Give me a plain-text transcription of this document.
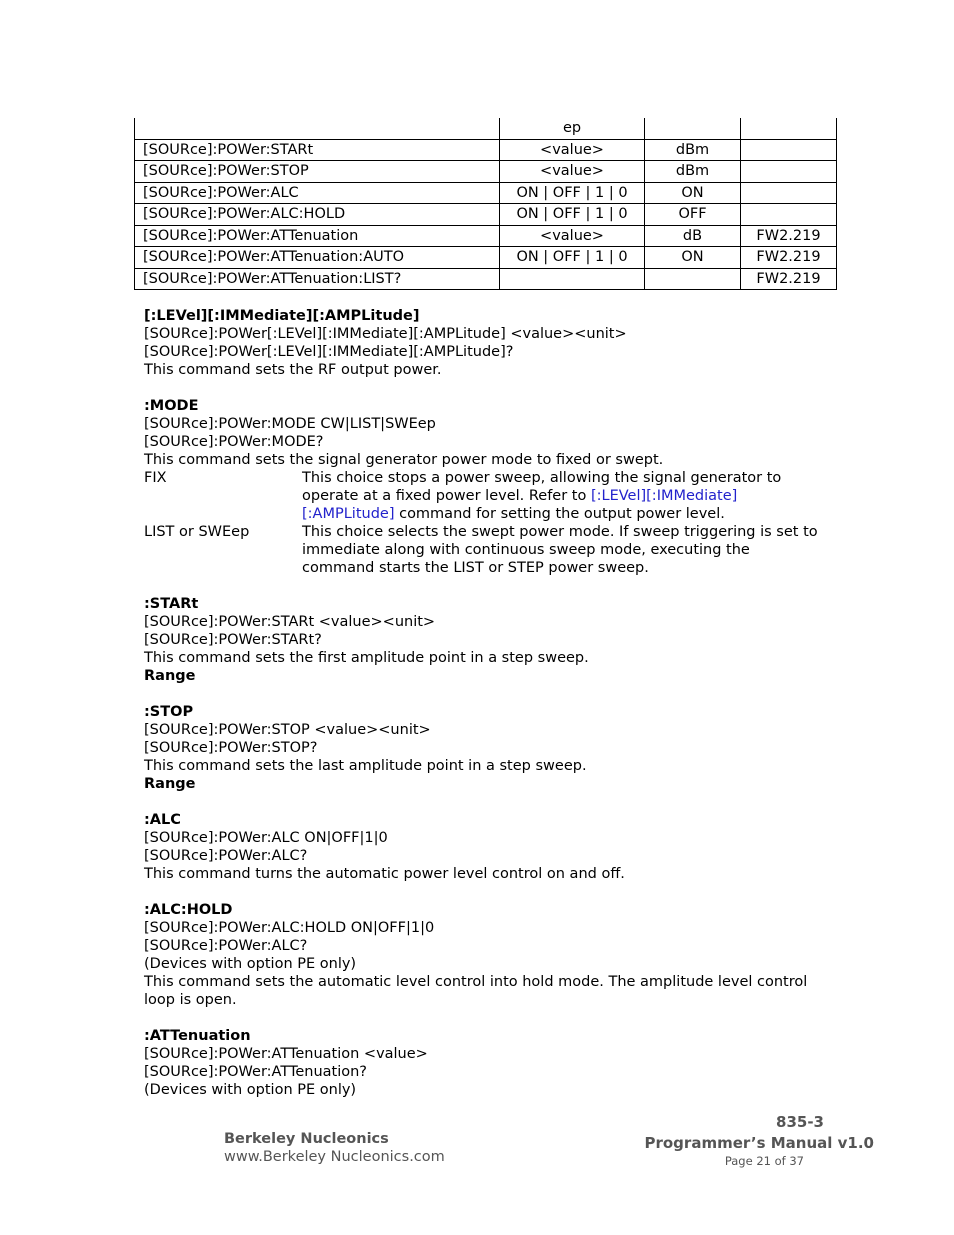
	ep		
[SOURce]:POWer:STARt	<value>	dBm	
[SOURce]:POWer:STOP	<value>	dBm	
[SOURce]:POWer:ALC	ON | OFF | 1 | 0	ON	
[SOURce]:POWer:ALC:HOLD	ON | OFF | 1 | 0	OFF	
[SOURce]:POWer:ATTenuation	<value>	dB	FW2.219
[SOURce]:POWer:ATTenuation:AUTO	ON | OFF | 1 | 0	ON	FW2.219
[SOURce]:POWer:ATTenuation:LIST?			FW2.219

[:LEVel][:IMMediate][:AMPLitude]

[SOURce]:POWer[:LEVel][:IMMediate][:AMPLitude] <value><unit>

[SOURce]:POWer[:LEVel][:IMMediate][:AMPLitude]?

This command sets the RF output power.

:MODE

[SOURce]:POWer:MODE CW|LIST|SWEep

[SOURce]:POWer:MODE?

This command sets the signal generator power mode to fixed or swept.

FIX	This choice stops a power sweep, allowing the signal generator to operate at a fixed power level. Refer to [:LEVel][:IMMediate][:AMPLitude] command for setting the output power level.
LIST or SWEep	This choice selects the swept power mode. If sweep triggering is set to immediate along with continuous sweep mode, executing the command starts the LIST or STEP power sweep.

:STARt

[SOURce]:POWer:STARt <value><unit>

[SOURce]:POWer:STARt?

This command sets the first amplitude point in a step sweep.

Range

:STOP

[SOURce]:POWer:STOP <value><unit>

[SOURce]:POWer:STOP?

This command sets the last amplitude point in a step sweep.

Range

:ALC

[SOURce]:POWer:ALC ON|OFF|1|0

[SOURce]:POWer:ALC?

This command turns the automatic power level control on and off.

:ALC:HOLD

[SOURce]:POWer:ALC:HOLD ON|OFF|1|0

[SOURce]:POWer:ALC?

(Devices with option PE only)

This command sets the automatic level control into hold mode. The amplitude level control loop is open.

:ATTenuation

[SOURce]:POWer:ATTenuation <value>

[SOURce]:POWer:ATTenuation?

(Devices with option PE only)

Berkeley Nucleonics
www.Berkeley Nucleonics.com
835-3
Programmer’s Manual v1.0
Page 21 of 37
